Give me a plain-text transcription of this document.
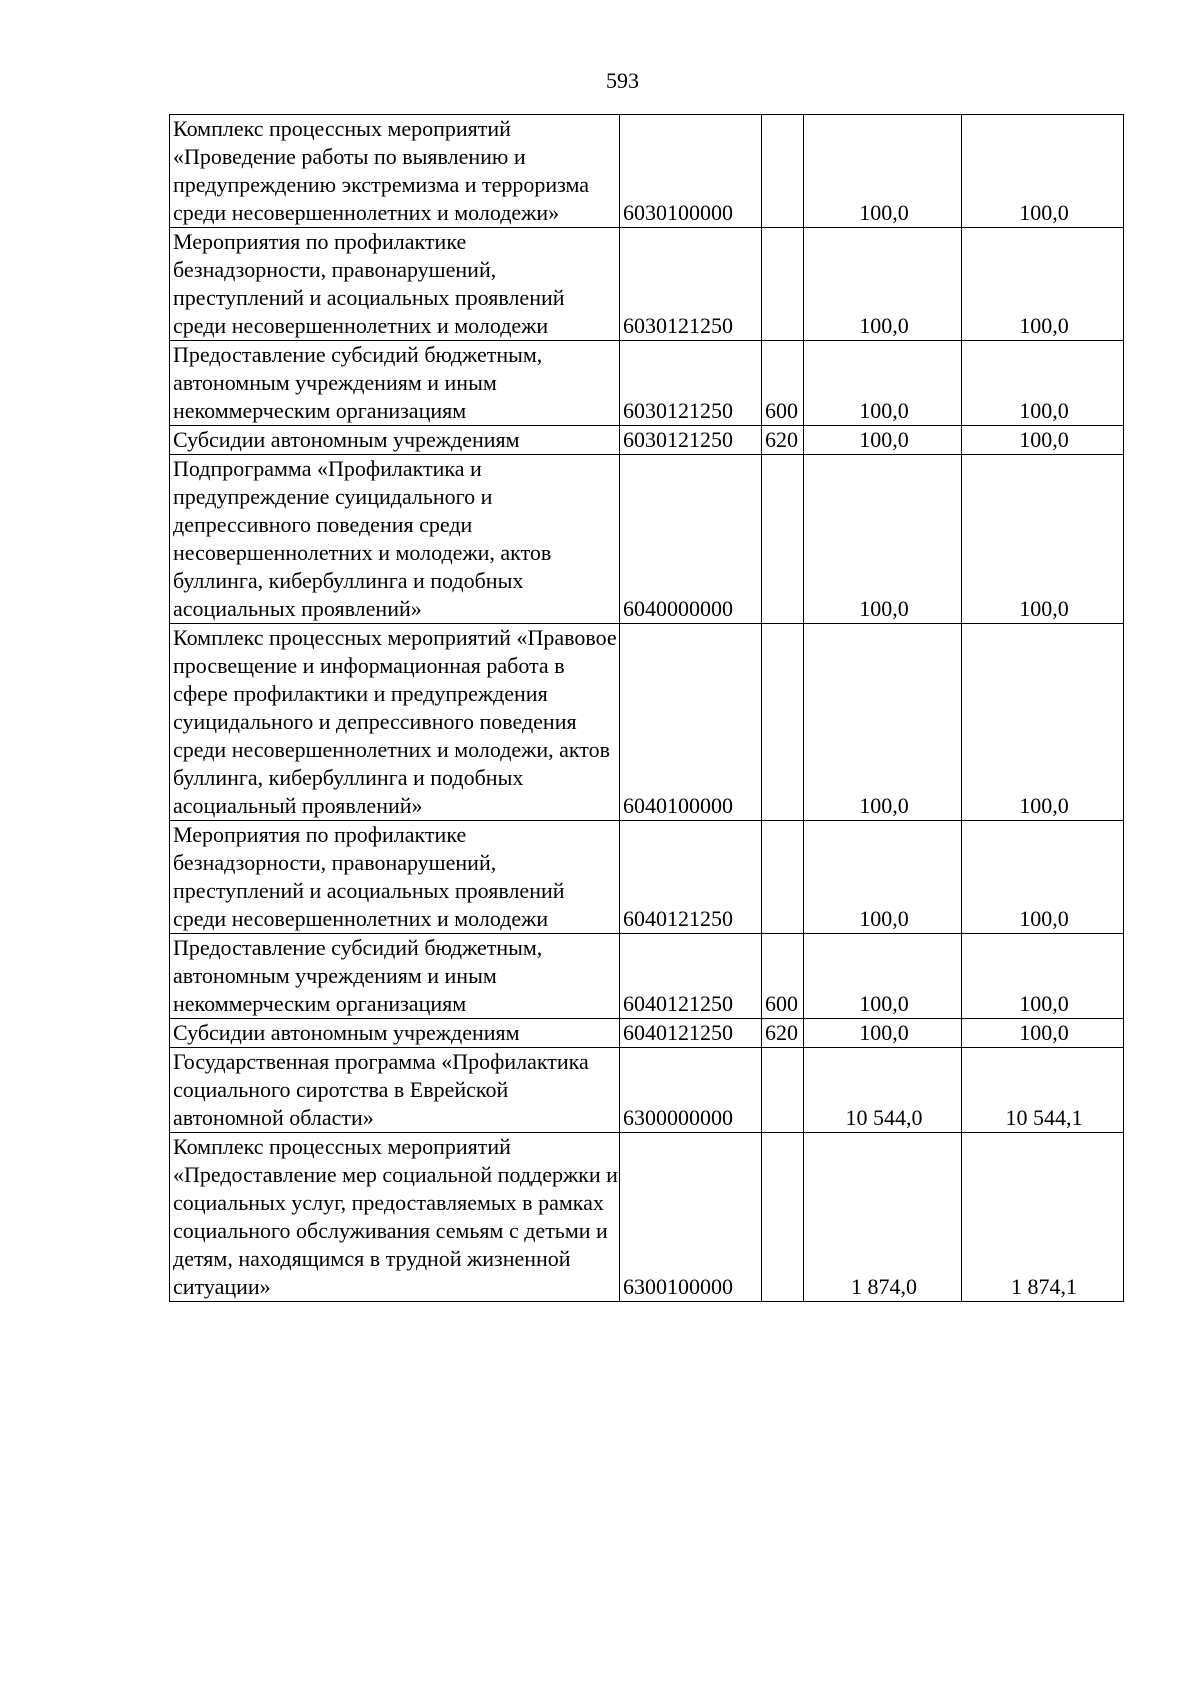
593
Комплекс процессных мероприятий «Проведение работы по выявлению и предупреждению экстремизма и терроризма среди несовершеннолетних и молодежи»	6030100000		100,0	100,0
Мероприятия по профилактике безнадзорности, правонарушений, преступлений и асоциальных проявлений среди несовершеннолетних и молодежи	6030121250		100,0	100,0
Предоставление субсидий бюджетным, автономным учреждениям и иным некоммерческим организациям	6030121250	600	100,0	100,0
Субсидии автономным учреждениям	6030121250	620	100,0	100,0
Подпрограмма «Профилактика и предупреждение суицидального и депрессивного поведения среди несовершеннолетних и молодежи, актов буллинга, кибербуллинга и подобных асоциальных проявлений»	6040000000		100,0	100,0
Комплекс процессных мероприятий «Правовое просвещение и информационная работа в сфере профилактики и предупреждения суицидального и депрессивного поведения среди несовершеннолетних и молодежи, актов буллинга, кибербуллинга и подобных асоциальный проявлений»	6040100000		100,0	100,0
Мероприятия по профилактике безнадзорности, правонарушений, преступлений и асоциальных проявлений среди несовершеннолетних и молодежи	6040121250		100,0	100,0
Предоставление субсидий бюджетным, автономным учреждениям и иным некоммерческим организациям	6040121250	600	100,0	100,0
Субсидии автономным учреждениям	6040121250	620	100,0	100,0
Государственная программа «Профилактика социального сиротства в Еврейской автономной области»	6300000000		10 544,0	10 544,1
Комплекс процессных мероприятий «Предоставление мер социальной поддержки и социальных услуг, предоставляемых в рамках социального обслуживания семьям с детьми и детям, находящимся в трудной жизненной ситуации»	6300100000		1 874,0	1 874,1
